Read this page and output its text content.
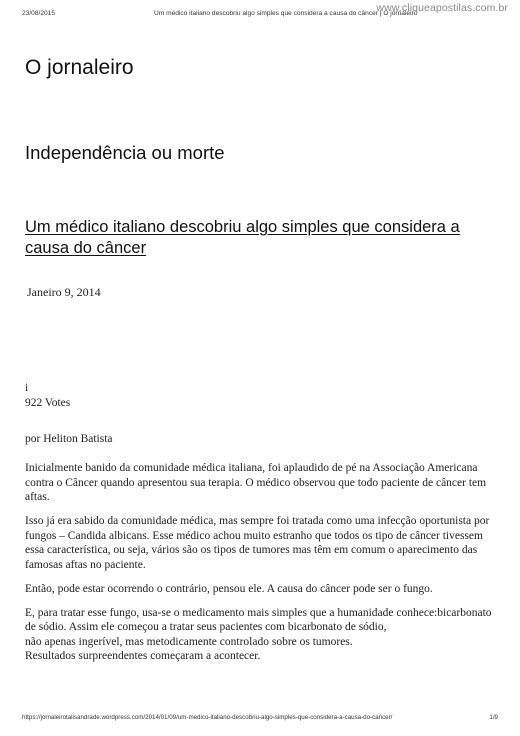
23/08/2015	Um médico italiano descobriu algo simples que considera a causa do câncer | O jornaleiro
www.cliqueapostilas.com.br
O jornaleiro
Independência ou morte
Um médico italiano descobriu algo simples que considera a causa do câncer
Janeiro 9, 2014
i
922 Votes
por Heliton Batista

Inicialmente banido da comunidade médica italiana, foi aplaudido de pé na Associação Americana contra o Câncer quando apresentou sua terapia. O médico observou que todo paciente de câncer tem aftas.

Isso já era sabido da comunidade médica, mas sempre foi tratada como uma infecção oportunista por fungos – Candida albicans. Esse médico achou muito estranho que todos os tipo de câncer tivessem essa característica, ou seja, vários são os tipos de tumores mas têm em comum o aparecimento das famosas aftas no paciente.

Então, pode estar ocorrendo o contrário, pensou ele. A causa do câncer pode ser o fungo.

E, para tratar esse fungo, usa-se o medicamento mais simples que a humanidade conhece:bicarbonato de sódio. Assim ele começou a tratar seus pacientes com bicarbonato de sódio,

não apenas ingerível, mas metodicamente controlado sobre os tumores.

Resultados surpreendentes começaram a acontecer.

https://jornaleirotalisandrade.wordpress.com/2014/01/09/um-medico-italiano-descobriu-algo-simples-que-considera-a-causa-do-cancer/	1/9
